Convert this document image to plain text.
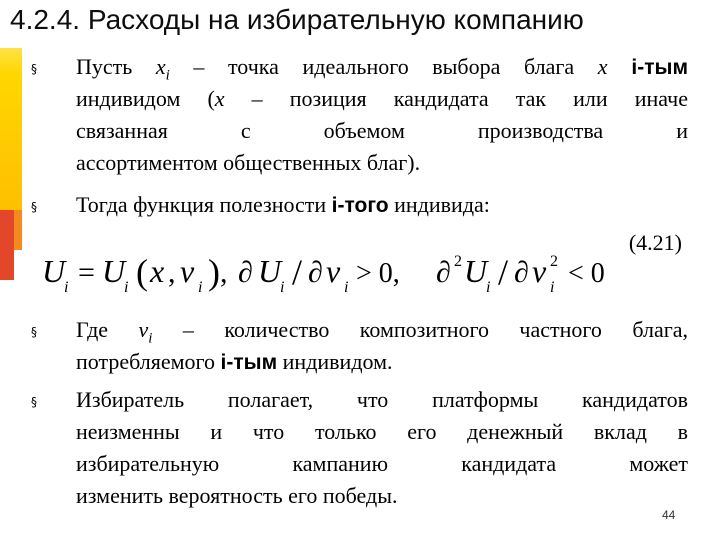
4.2.4. Расходы на избирательную компанию
§ Пусть $x_i$ – точка идеального выбора блага x i-тым
индивидом (x – позиция кандидата так или иначе
связанная с объемом производства и
ассортиментом общественных благ).
§ Тогда функция полезности i-того индивида:
(4.21)
U
i = U
i ( x , v i ) , ∂ U
i / ∂ v i > 0, ∂ 2 U
i / ∂ v 2
i < 0
§ Где $v_i$ – количество композитного частного блага,
потребляемого i-тым индивидом.
§ Избиратель полагает, что платформы кандидатов
неизменны и что только его денежный вклад в
избирательную кампанию кандидата может
изменить вероятность его победы.
44
